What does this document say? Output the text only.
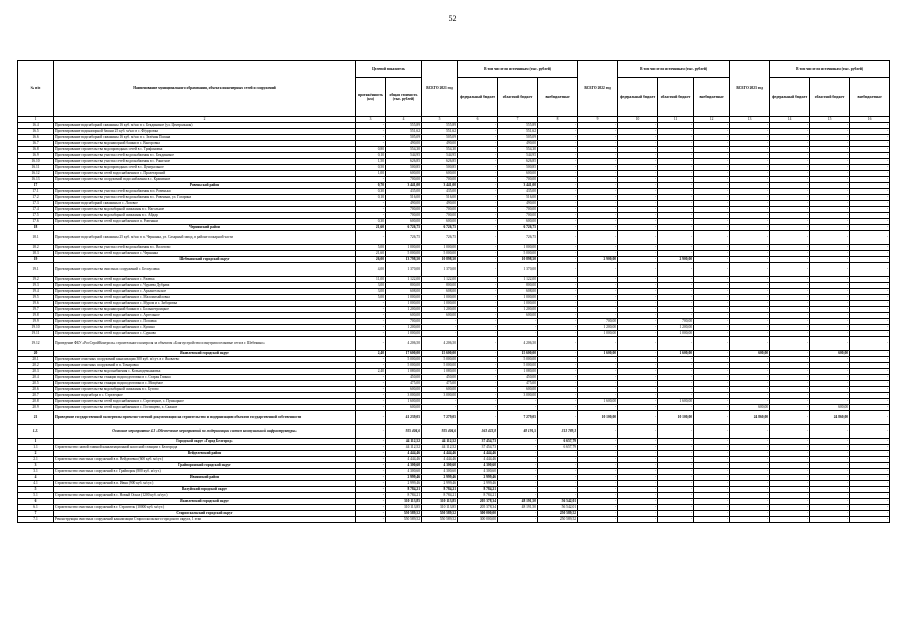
52
№ п/п	Наименование муниципального образования, объекта инженерных сетей и сооружений	Целевой показатель		ВСЕГО 2021 год	В том числе по источникам (тыс. рублей)			ВСЕГО 2022 год	В том числе по источникам (тыс. рублей)			ВСЕГО 2023 год	В том числе по источникам (тыс. рублей)		
		протяжённость (км)	общая стоимость (тыс. рублей)		федеральный бюджет	областной бюджет	внебюджетные		федеральный бюджет	областной бюджет	внебюджетные		федеральный бюджет	областной бюджет	внебюджетные
1	2	3	4	5	6	7	8	9	10	11	12	13	14	15	16
16.4	Проектирование водозаборной скважины 16 куб. м/час в с. Бекдиникое (ул. Центральная)	-	555,89	555,89	-	555,89	-	-	-	-	-	-	-	-	-
16.5	Проектирование водонапорной башни 25 куб. м/час в с. Фёдоровка	-	551,62	551,62	-	551,62	-	-	-	-	-	-	-	-	-
16.6	Проектирование водозаборной скважины 16 куб. м/час в с. Зелёная Поляна	-	505,09	505,09	-	505,09	-	-	-	-	-	-	-	-	-
16.7	Проектирование строительства водонапорной башни в с. Выгоровка	-	490,00	490,00	-	490,00	-	-	-	-	-	-	-	-	-
16.8	Проектирование строительства водопроводных сетей в с. Трифоновка	0,80	554,30	554,30	-	554,30	-	-	-	-	-	-	-	-	-
16.9	Проектирование строительства участка сетей водоснабжения в с. Бекдиникое	0,10	544,95	544,95	-	544,95	-	-	-	-	-	-	-	-	-
16.10	Проектирование строительства участка сетей водоснабжения в с. Ракитное	1,50	626,85	626,85	-	626,85	-	-	-	-	-	-	-	-	-
16.11	Проектирование строительства водопроводных сетей в с. Центральное	0,50	500,85	500,85	-	500,85	-	-	-	-	-	-	-	-	-
16.12	Проектирование строительства сетей водоснабжения в с. Пролетарский	1,00	600,00	600,00	-	600,00	-	-	-	-	-	-	-	-	-
16.13	Проектирование строительства сооружений водоснабжения в с. Крапивное	-	700,00	700,00	-	700,00	-	-	-	-	-	-	-	-	-
17	Ровеньской район	0,70	3 441,00	3 441,00	-	3 441,00	-	-	-	-	-	-	-	-	-
17.1	Проектирование строительства участка сетей водоснабжения в п. Ровеньки	0,30	435,00	435,00	-	435,00	-	-	-	-	-	-	-	-	-
17.2	Проектирование строительства участка сетей водоснабжения в с. Ровеньки, ул. Гагарина	0,10	516,00	516,00	-	516,00	-	-	-	-	-	-	-	-	-
17.3	Проектирование водозаборной скважины в с. Лозовое	-	490,00	490,00	-	490,00	-	-	-	-	-	-	-	-	-
17.4	Проектирование строительства водозаборной скважины в с. Нагольное	-	700,00	700,00	-	700,00	-	-	-	-	-	-	-	-	-
17.5	Проектирование строительства водозаборной скважины в с. Айдар	-	700,00	700,00	-	700,00	-	-	-	-	-	-	-	-	-
17.6	Проектирование строительства сетей водоснабжения в п. Ровеньки	0,30	600,00	600,00	-	600,00	-	-	-	-	-	-	-	-	-
18	Чернянский район	21,60	6 726,75	6 726,75	-	6 726,75	-	-	-	-	-	-	-	-	-
18.1	Проектирование водозаборной скважины 25 куб. м/час в п. Чернянка, ул. Сахарный завод, в районе пожарной части	-	726,75	726,75	-	726,75	-	-	-	-	-	-	-	-	-
18.2	Проектирование строительства участка сетей водоснабжения в с. Волотово	5,00	1 000,00	1 000,00	-	1 000,00	-	-	-	-	-	-	-	-	-
18.3	Проектирование строительства сетей водоснабжения в с. Чернянка	21,60	5 000,00	5 000,00	-	5 000,00	-	-	-	-	-	-	-	-	-
19	Шебекинский городской округ	26,00	13 798,50	10 898,50	-	10 898,50	-	2 900,00	-	2 900,00	-	-	-	-	-
19.1	Проектирование строительства очистных сооружений с. Белоусовка	4,00	1 370,00	1 370,00	-	1 370,00	-	-	-	-	-	-	-	-	-
19.2	Проектирование строительства сетей водоснабжения в с. Ржевка	11,00	1 122,00	1 122,00	-	1 122,00	-	-	-	-	-	-	-	-	-
19.3	Проектирование строительства сетей водоснабжения в с. Чураева Дубрава	3,00	800,00	800,00	-	800,00	-	-	-	-	-	-	-	-	-
19.4	Проектирование строительства сетей водоснабжения в с. Архангельское	3,00	608,00	608,00	-	608,00	-	-	-	-	-	-	-	-	-
19.5	Проектирование строительства сетей водоснабжения в с. Маломихайловка	5,00	1 000,00	1 000,00	-	1 000,00	-	-	-	-	-	-	-	-	-
19.6	Проектирование строительства сетей водоснабжения в с. Муром и с. Зиборовка	-	1 000,00	1 000,00	-	1 000,00	-	-	-	-	-	-	-	-	-
19.7	Проектирование строительства водонапорной башни в с. Большетроицкое	-	1 200,00	1 200,00	-	1 200,00	-	-	-	-	-	-	-	-	-
19.8	Проектирование строительства сетей водоснабжения в с. Артельное	-	600,00	600,00	-	600,00	-	-	-	-	-	-	-	-	-
19.9	Проектирование строительства сетей водоснабжения в с. Поповка	-	700,00	-	-	-	-	700,00	-	700,00	-	-	-	-	-
19.10	Проектирование строительства сетей водоснабжения в с. Купино	-	1 200,00	-	-	-	-	1 200,00	-	1 200,00	-	-	-	-	-
19.11	Проектирование строительства сетей водоснабжения в с. Сурково	-	1 000,00	-	-	-	-	1 000,00	-	1 000,00	-	-	-	-	-
19.12	Проведение ФБУ «РосСтройКонтроль» строительного контроля за объектом «Благоустройство и внутрипоселковые сети в г. Шебекино»	-	4 206,50	4 206,50	-	4 206,50	-	-	-	-	-	-	-	-	-
20	Яковлевский городской округ	2,40	17 600,00	15 600,00	-	15 600,00	-	1 600,00	-	1 600,00	-	600,00	-	600,00	-
20.1	Проектирование очистных сооружений канализации 300 куб. м/сут. в г. Яковлево	-	5 000,00	5 000,00	-	5 000,00	-	-	-	-	-	-	-	-	-
20.2	Проектирование очистных сооружений в п. Томаровка	-	5 000,00	5 000,00	-	5 000,00	-	-	-	-	-	-	-	-	-
20.3	Проектирование строительства водоснабжения с. Козьмодемьяновка	2,40	1 080,00	1 080,00	-	1 080,00	-	-	-	-	-	-	-	-	-
20.4	Проектирование строительства станции водоподготовки в с. Старая Глинка	-	450,00	450,00	-	450,00	-	-	-	-	-	-	-	-	-
20.5	Проектирование строительства станции водоподготовки в с. Мощёное	-	475,00	475,00	-	475,00	-	-	-	-	-	-	-	-	-
20.6	Проектирование строительства водозаборной скважины в с. Бутово	-	600,00	600,00	-	600,00	-	-	-	-	-	-	-	-	-
20.7	Проектирование водозабора в с. Стрелецкое	-	3 000,00	3 000,00	-	3 000,00	-	-	-	-	-	-	-	-	-
20.8	Проектирование строительства сетей водоснабжения в с. Стрелецкое, с. Пушкарное	-	1 600,00	-	-	-	-	1 600,00	-	1 600,00	-	-	-	-	-
20.9	Проектирование строительства сетей водоснабжения в с. Гостищево, х. Сажное	-	600,00	-	-	-	-	-	-	-	-	600,00	-	600,00	-
21	Проведение государственной экспертизы проектно-сметной документации на строительство и модернизацию объектов государственной собственности	-	41 239,05	7 279,05	-	7 279,05	-	10 100,00	-	10 100,00	-	24 860,00	-	24 860,00	-
1.2.	Основное мероприятие 4.3 «Обеспечение мероприятий по модернизации систем коммунальной инфраструктуры»	-	925 404,6	925 404,6	563 423,8	48 191,5	313 789,3	-	-	-	-	-	-	-	-
1	Городской округ «Город Белгород»	-	44 112,52	44 112,52	37 454,73	-	6 657,79	-	-	-	-	-	-	-	-
1.1	Строительство: новой главной канализационной насосной станции г. Белгорода	-	44 112,52	44 112,52	37 454,73	-	6 657,79	-	-	-	-	-	-	-	-
2	Вейделевский район	-	4 444,46	4 444,46	4 444,46	-	-	-	-	-	-	-	-	-	-
2.1	Строительство очистных сооружений в п. Вейделевка (600 куб. м/сут.)	-	4 444,46	4 444,46	4 444,46	-	-	-	-	-	-	-	-	-	-
3	Грайворонский городской округ	-	4 300,60	4 300,60	4 300,60	-	-	-	-	-	-	-	-	-	-
3.1	Строительство очистных сооружений в г. Грайворон (800 куб. м/сут.)	-	4 300,60	4 300,60	4 300,60	-	-	-	-	-	-	-	-	-	-
4	Ивнянский район	-	2 999,46	2 999,46	2 999,46	-	-	-	-	-	-	-	-	-	-
4.1	Строительство очистных сооружений в п. Ивня (900 куб. м/сут.)	-	2 999,46	2 999,46	2 999,46	-	-	-	-	-	-	-	-	-	-
5	Валуйский городской округ	-	8 784,21	8 784,21	8 784,21	-	-	-	-	-	-	-	-	-	-
5.1	Строительство очистных сооружений в с. Новый Оскол (1200 куб. м/сут.)	-	8 784,21	8 784,21	8 784,21	-	-	-	-	-	-	-	-	-	-
6	Яковлевский городской округ	-	310 113,85	310 113,85	205 378,34	48 191,50	56 542,01	-	-	-	-	-	-	-	-
6.1	Строительство очистных сооружений в г. Строитель (10000 куб. м/сут.)	-	310 113,85	310 113,85	205 378,34	48 191,50	56 542,01	-	-	-	-	-	-	-	-
7	Старооскольский городской округ	-	550 589,52	550 589,52	300 000,00	-	250 589,52	-	-	-	-	-	-	-	-
7.1	Реконструкция очистных сооружений канализации Старооскольского городского округа, 1 этап	-	550 589,52	550 589,52	300 000,00	-	250 589,52	-	-	-	-	-	-	-	-
